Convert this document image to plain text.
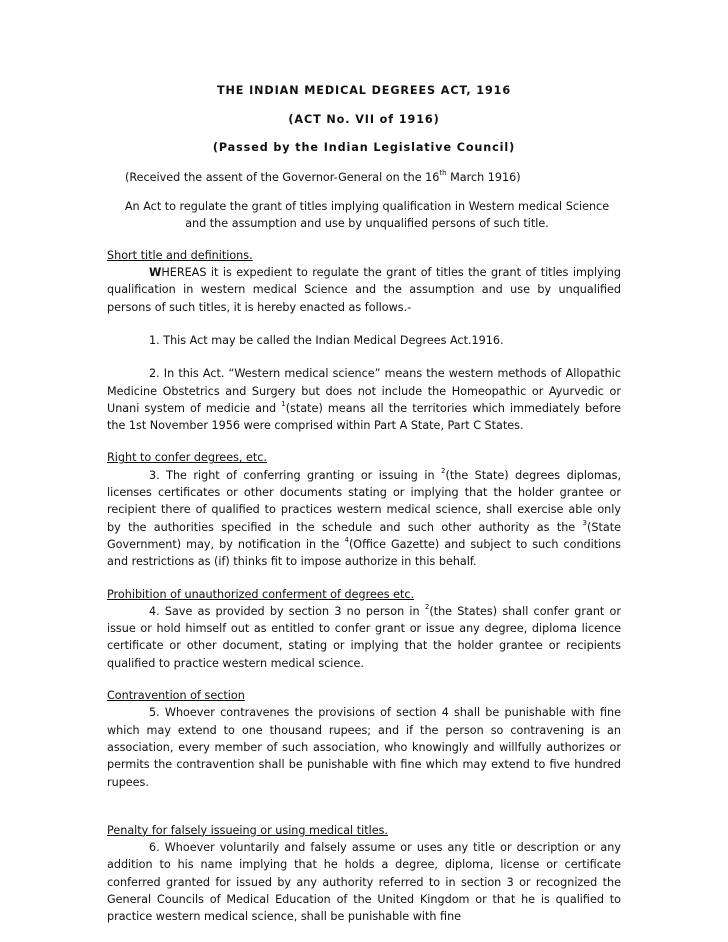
THE INDIAN MEDICAL DEGREES ACT, 1916

(ACT No. VII of 1916)

(Passed by the Indian Legislative Council)

(Received the assent of the Governor-General on the 16th March 1916)

An Act to regulate the grant of titles implying qualification in Western medical Science and the assumption and use by unqualified persons of such title.

Short title and definitions.

WHEREAS it is expedient to regulate the grant of titles the grant of titles implying qualification in western medical Science and the assumption and use by unqualified persons of such titles, it is hereby enacted as follows.-

1. This Act may be called the Indian Medical Degrees Act.1916.

2. In this Act. “Western medical science” means the western methods of Allopathic Medicine Obstetrics and Surgery but does not include the Homeopathic or Ayurvedic or Unani system of medicie and $^1$(state) means all the territories which immediately before the 1st November 1956 were comprised within Part A State, Part C States.

Right to confer degrees, etc.

3. The right of conferring granting or issuing in $^2$(the State) degrees diplomas, licenses certificates or other documents stating or implying that the holder grantee or recipient there of qualified to practices western medical science, shall exercise able only by the authorities specified in the schedule and such other authority as the $^3$(State Government) may, by notification in the $^4$(Office Gazette) and subject to such conditions and restrictions as (if) thinks fit to impose authorize in this behalf.

Prohibition of unauthorized conferment of degrees etc.

4. Save as provided by section 3 no person in $^2$(the States) shall confer grant or issue or hold himself out as entitled to confer grant or issue any degree, diploma licence certificate or other document, stating or implying that the holder grantee or recipients qualified to practice western medical science.

Contravention of section

5. Whoever contravenes the provisions of section 4 shall be punishable with fine which may extend to one thousand rupees; and if the person so contravening is an association, every member of such association, who knowingly and willfully authorizes or permits the contravention shall be punishable with fine which may extend to five hundred rupees.

Penalty for falsely issueing or using medical titles.

6. Whoever voluntarily and falsely assume or uses any title or description or any addition to his name implying that he holds a degree, diploma, license or certificate conferred granted for issued by any authority referred to in section 3 or recognized the General Councils of Medical Education of the United Kingdom or that he is qualified to practice western medical science, shall be punishable with fine
